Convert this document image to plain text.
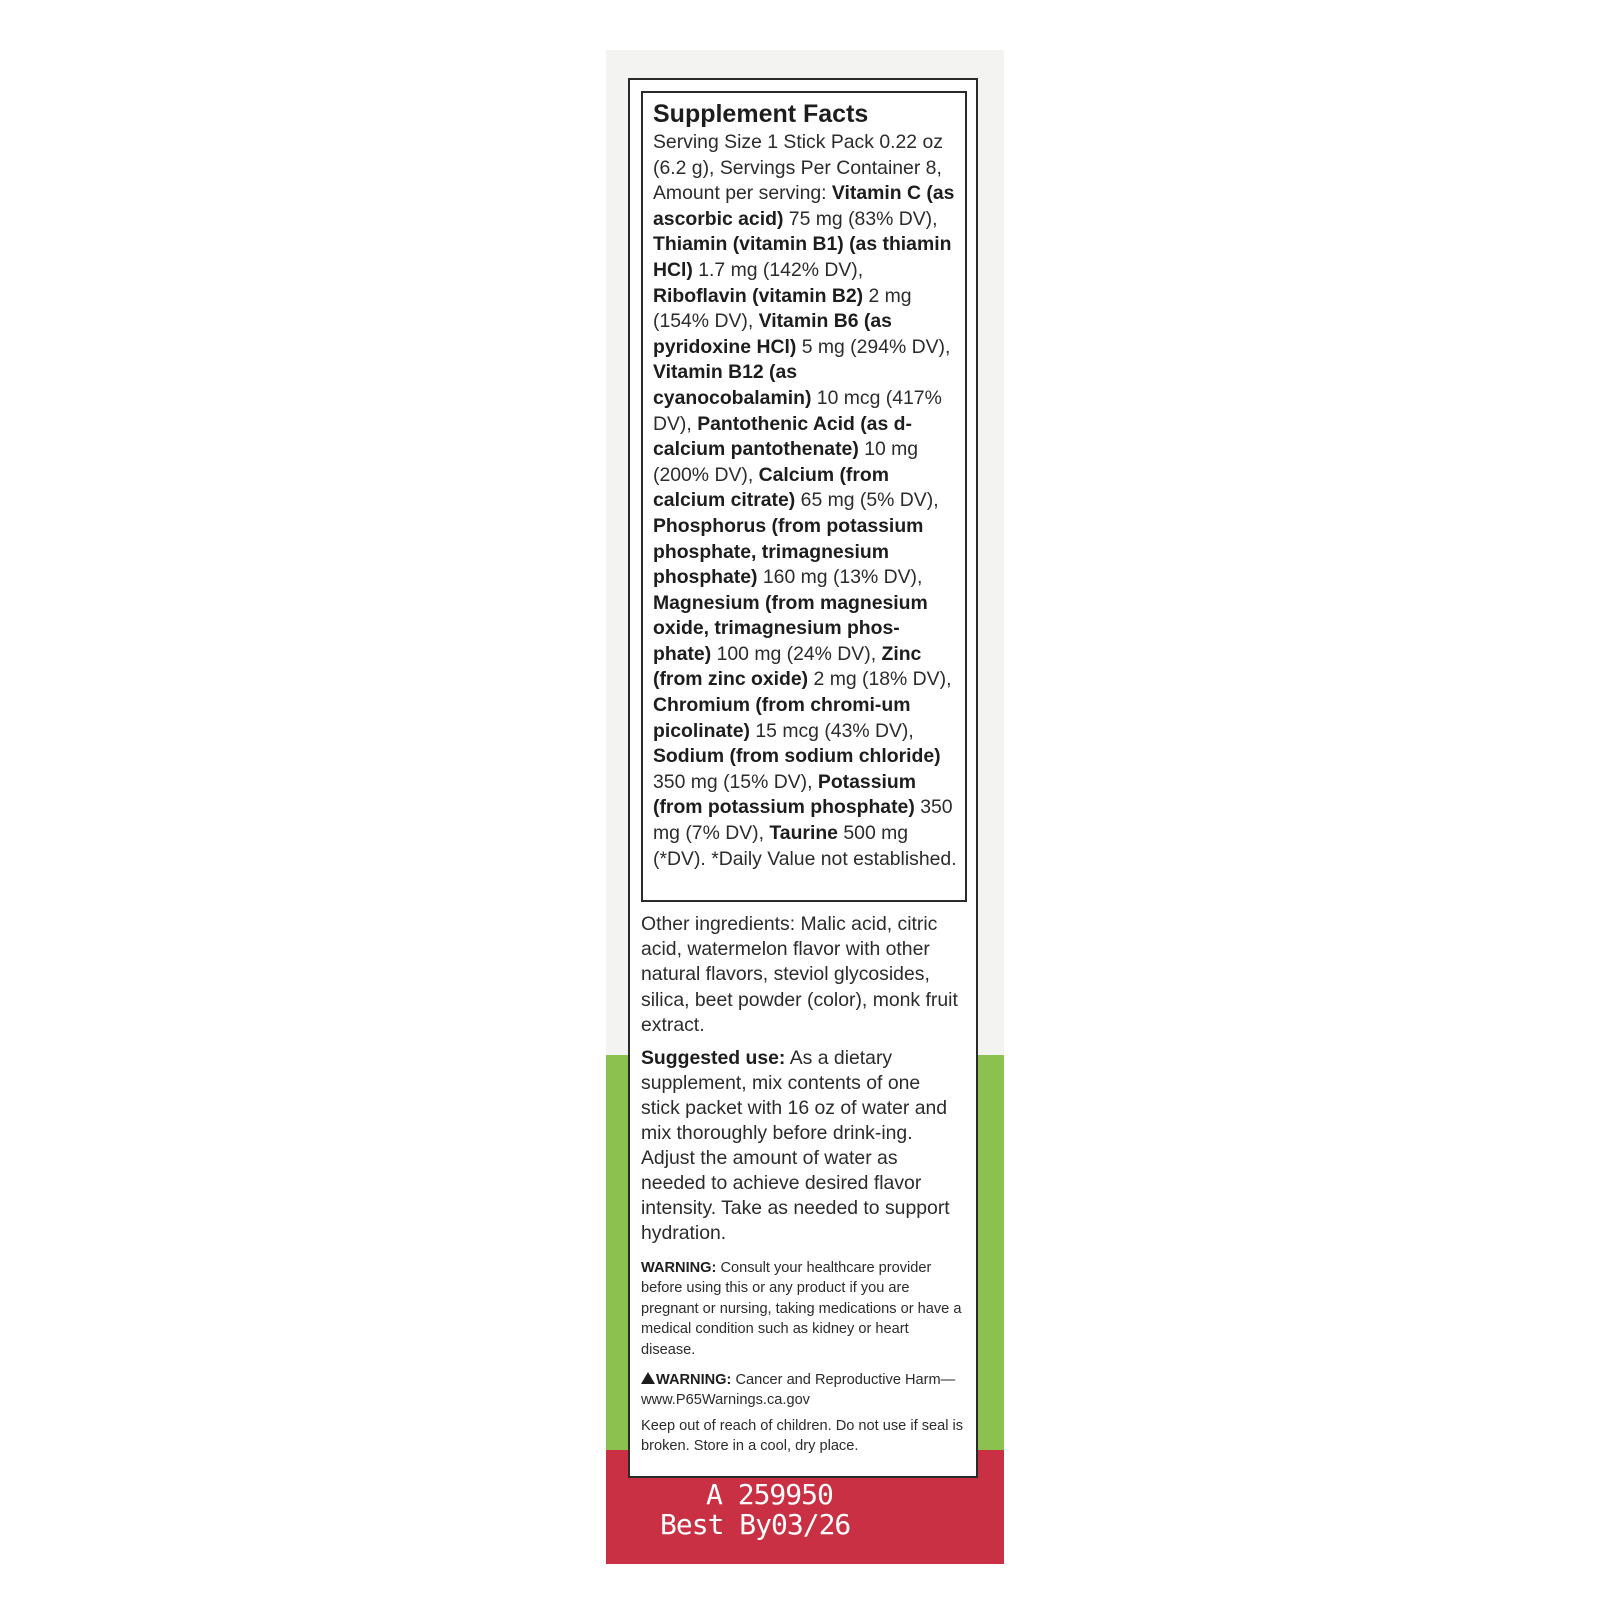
Supplement Facts
Serving Size 1 Stick Pack 0.22 oz (6.2 g), Servings Per Container 8, Amount per serving: Vitamin C (as ascorbic acid) 75 mg (83% DV), Thiamin (vitamin B1) (as thiamin HCl) 1.7 mg (142% DV), Riboflavin (vitamin B2) 2 mg (154% DV), Vitamin B6 (as pyridoxine HCl) 5 mg (294% DV), Vitamin B12 (as cyanocobalamin) 10 mcg (417% DV), Pantothenic Acid (as d-calcium pantothenate) 10 mg (200% DV), Calcium (from calcium citrate) 65 mg (5% DV), Phosphorus (from potassium phosphate, trimagnesium phosphate) 160 mg (13% DV), Magnesium (from magnesium oxide, trimagnesium phos-phate) 100 mg (24% DV), Zinc (from zinc oxide) 2 mg (18% DV), Chromium (from chromi-um picolinate) 15 mcg (43% DV), Sodium (from sodium chloride) 350 mg (15% DV), Potassium (from potassium phosphate) 350 mg (7% DV), Taurine 500 mg (*DV). *Daily Value not established.
Other ingredients: Malic acid, citric acid, watermelon flavor with other natural flavors, steviol glycosides, silica, beet powder (color), monk fruit extract.
Suggested use: As a dietary supplement, mix contents of one stick packet with 16 oz of water and mix thoroughly before drink-ing. Adjust the amount of water as needed to achieve desired flavor intensity. Take as needed to support hydration.
WARNING: Consult your healthcare provider before using this or any product if you are pregnant or nursing, taking medications or have a medical condition such as kidney or heart disease.
WARNING: Cancer and Reproductive Harm— www.P65Warnings.ca.gov
Keep out of reach of children. Do not use if seal is broken. Store in a cool, dry place.
A 259950
Best By03/26
